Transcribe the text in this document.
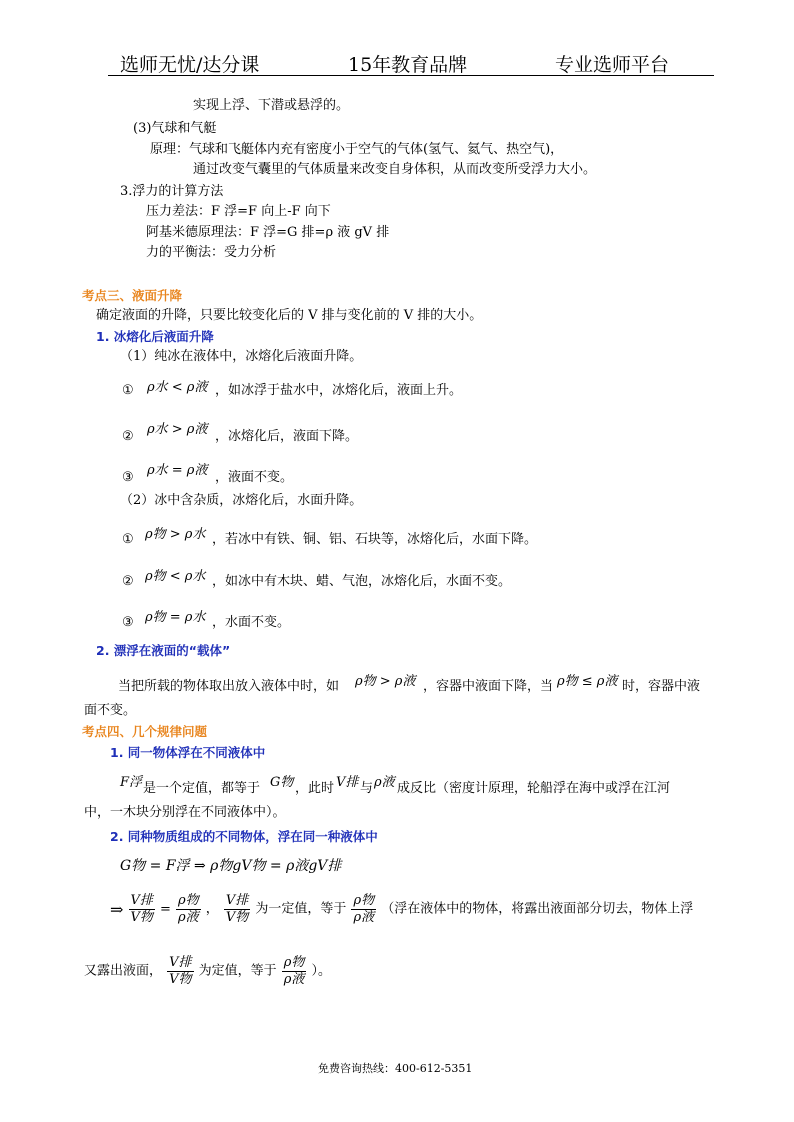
选师无忧/达分课	15年教育品牌	专业选师平台
实现上浮、下潜或悬浮的。
(3)气球和气艇
原理：气球和飞艇体内充有密度小于空气的气体(氢气、氦气、热空气)，
通过改变气囊里的气体质量来改变自身体积，从而改变所受浮力大小。
3.浮力的计算方法
压力差法：F 浮=F 向上-F 向下
阿基米德原理法：F 浮=G 排=ρ 液 gV 排
力的平衡法：受力分析
考点三、液面升降
确定液面的升降，只要比较变化后的 V 排与变化前的 V 排的大小。
1. 冰熔化后液面升降
（1）纯冰在液体中，冰熔化后液面升降。
① ρ水 < ρ液 ，如冰浮于盐水中，冰熔化后，液面上升。
② ρ水 > ρ液 ，冰熔化后，液面下降。
③ ρ水 = ρ液 ，液面不变。
（2）冰中含杂质，冰熔化后，水面升降。
① ρ物 > ρ水 ，若冰中有铁、铜、铝、石块等，冰熔化后，水面下降。
② ρ物 < ρ水 ，如冰中有木块、蜡、气泡，冰熔化后，水面不变。
③ ρ物 = ρ水 ，水面不变。
2. 漂浮在液面的“载体”
当把所载的物体取出放入液体中时，如 ρ物 > ρ液 ，容器中液面下降，当 ρ物 ≤ ρ液 时，容器中液
面不变。
考点四、几个规律问题
1. 同一物体浮在不同液体中
F浮 是一个定值，都等于 G物 ，此时 V排 与 ρ液 成反比（密度计原理，轮船浮在海中或浮在江河
中，一木块分别浮在不同液体中）。
2. 同种物质组成的不同物体，浮在同一种液体中
G物 = F浮 ⇒ ρ物gV物 = ρ液gV排
⇒ $\frac{\text{V排}}{\text{V物}} = \frac{\text{ρ物}}{\text{ρ液}}$ ， $\frac{\text{V排}}{\text{V物}}$ 为一定值，等于 $\frac{\text{ρ物}}{\text{ρ液}}$ （浮在液体中的物体，将露出液面部分切去，物体上浮
又露出液面， $\frac{\text{V排}}{\text{V物}}$ 为定值，等于 $\frac{\text{ρ物}}{\text{ρ液}}$ ）。
免费咨询热线：400-612-5351
